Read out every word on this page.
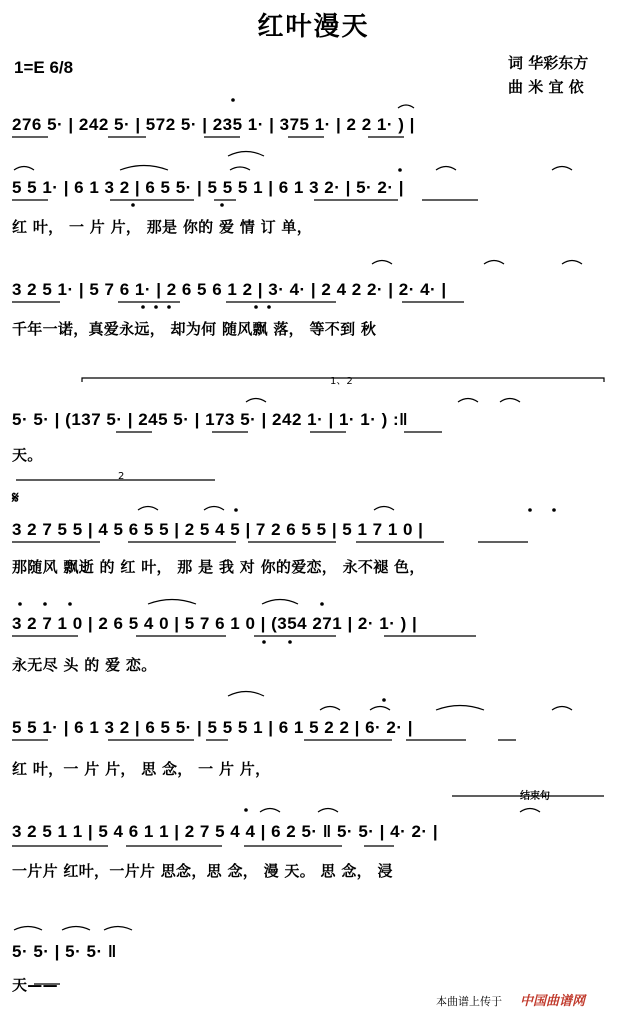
红叶漫天
1=E 6/8	词 华彩东方
曲 米 宜 依
276 5· | 242 5· | 572 5· | 235 1· | 375 1· | 2 2 1· ) |
5 5 1· | 6 1 3 2 | 6 5 5· | 5 5 5 1 | 6 1 3 2· | 5· 2· |
红 叶， 一 片 片， 那是 你的 爱 情 订 单，
3 2 5 1· | 5 7 6 1· | 2 6 5 6 1 2 | 3· 4· | 2 4 2 2· | 2· 4· |
千年一诺，真爱永远， 却为何 随风飘 落， 等不到 秋
1、2
5· 5· | (137 5· | 245 5· | 173 5· | 242 1· | 1· 1· ) :‖
天。
2
𝄋
3 2 7 5 5 | 4 5 6 5 5 | 2 5 4 5 | 7 2 6 5 5 | 5 1 7 1 0 |
那随风 飘逝 的 红 叶， 那 是 我 对 你的爱恋， 永不褪 色，
3 2 7 1 0 | 2 6 5 4 0 | 5 7 6 1 0 | (354 271 | 2· 1· ) |
永无尽 头 的 爱 恋。
5 5 1· | 6 1 3 2 | 6 5 5· | 5 5 5 1 | 6 1 5 2 2 | 6· 2· |
红 叶，一 片 片， 思 念， 一 片 片，
结束句
3 2 5 1 1 | 5 4 6 1 1 | 2 7 5 4 4 | 6 2 5· ‖ 5· 5· | 4· 2· |
一片片 红叶，一片片 思念，思 念， 漫 天。 思 念， 浸
5· 5· | 5· 5· ‖
天——
本曲谱上传于 中国曲谱网
